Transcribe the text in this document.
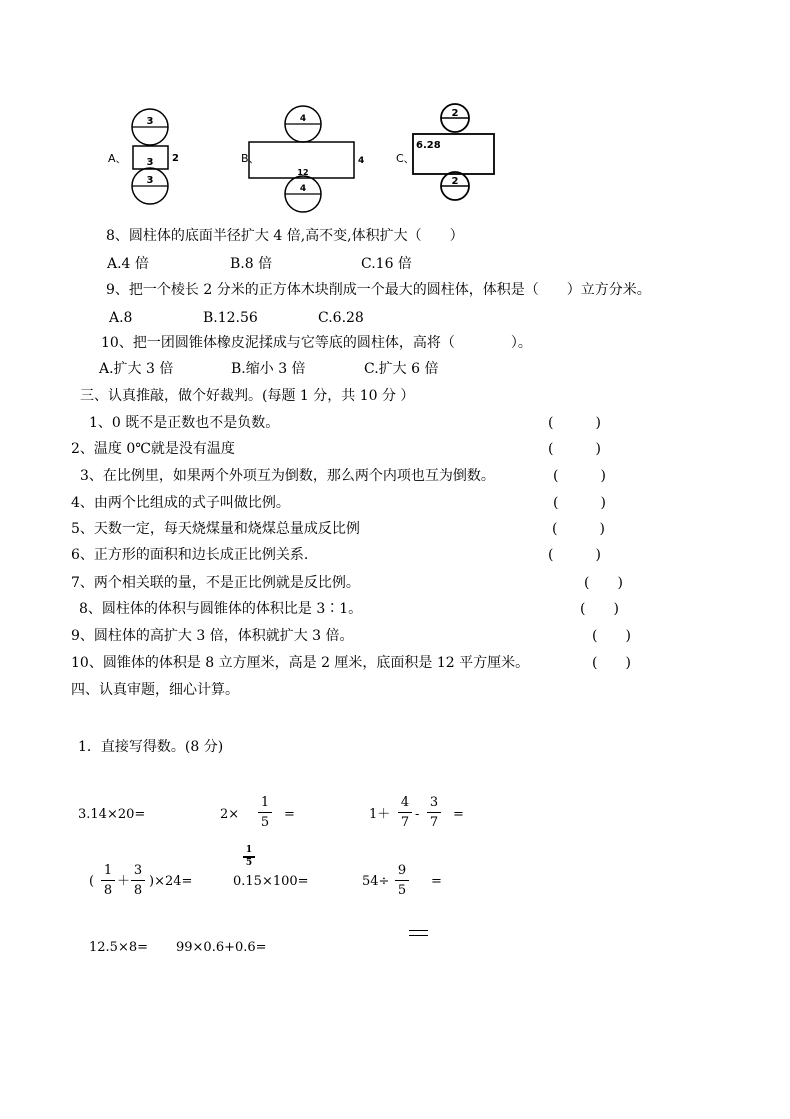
A、
3
3 2
3
B、
4
4
12
4
C、
2
6.28
2
8、圆柱体的底面半径扩大 4 倍,高不变,体积扩大（　　）
A.4 倍	B.8 倍	C.16 倍
9、把一个棱长 2 分米的正方体木块削成一个最大的圆柱体，体积是（　　）立方分米。
A.8	B.12.56	C.6.28
10、把一团圆锥体橡皮泥揉成与它等底的圆柱体，高将（　　　　）。
A.扩大 3 倍	B.缩小 3 倍	C.扩大 6 倍
三、认真推敲，做个好裁判。(每题 1 分，共 10 分 ）
1、0 既不是正数也不是负数。	(　　　)
2、温度 0℃就是没有温度	(　　　)
3、在比例里，如果两个外项互为倒数，那么两个内项也互为倒数。	(　　　)
4、由两个比组成的式子叫做比例。	(　　　)
5、天数一定，每天烧煤量和烧煤总量成反比例	(　　　)
6、正方形的面积和边长成正比例关系.	(　　　)
7、两个相关联的量，不是正比例就是反比例。	(　　)
8、圆柱体的体积与圆锥体的体积比是 3∶1。	(　　)
9、圆柱体的高扩大 3 倍，体积就扩大 3 倍。	(　　)
10、圆锥体的体积是 8 立方厘米，高是 2 厘米，底面积是 12 平方厘米。	(　　)
四、认真审题，细心计算。
1．直接写得数。(8 分)
3.14×20=	2×
1
5
=	1＋
4
7
-
3
7
=
(
1
8
＋
3
8
)×24=
1
5
0.15×100=	54÷
9
5
=
12.5×8= 99×0.6+0.6=
